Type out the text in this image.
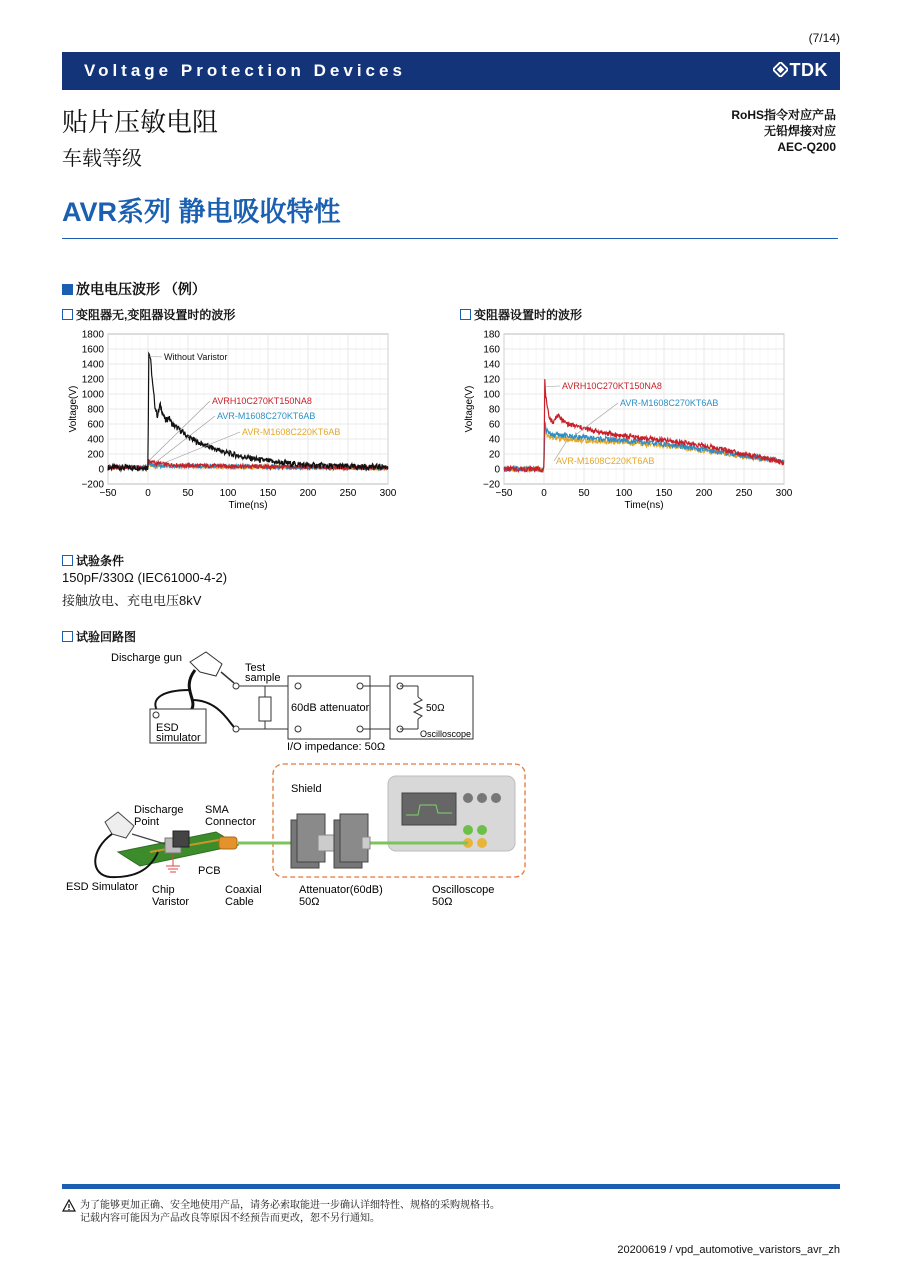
(7/14)
Voltage Protection Devices	TDK
贴片压敏电阻
车载等级
RoHS指令对应产品
无铅焊接对应
AEC-Q200
AVR系列 静电吸收特性
放电电压波形 （例）
变阻器无,变阻器设置时的波形	变阻器设置时的波形
−200
0
200
400
600
800
1000
1200
1400
1600
1800
−50	0	50	100 150 200 250 300
Time(ns)
Voltage(V)
Without Varistor
AVRH10C270KT150NA8
AVR-M1608C270KT6AB
AVR-M1608C220KT6AB
−20
0
20
40
60
80
100
120
140
160
180
−50	0	50	100 150 200 250 300
Time(ns)
Voltage(V)	AVRH10C270KT150NA8
AVR-M1608C270KT6AB
AVR-M1608C220KT6AB
试验条件
150pF/330Ω (IEC61000-4-2)
接触放电、充电电压8kV
试验回路图
Discharge gun
ESD
simulator
Test
sample
60dB attenuator	50Ω
Oscilloscope
I/O impedance: 50Ω
Shield
Discharge
Point
SMA
Connector
PCB
ESD Simulator Chip
Varistor
Coaxial
Cable
Attenuator(60dB)
50Ω
Oscilloscope
50Ω
为了能够更加正确、安全地使用产品，请务必索取能进一步确认详细特性、规格的采购规格书。
记载内容可能因为产品改良等原因不经预告而更改，恕不另行通知。
20200619 / vpd_automotive_varistors_avr_zh
